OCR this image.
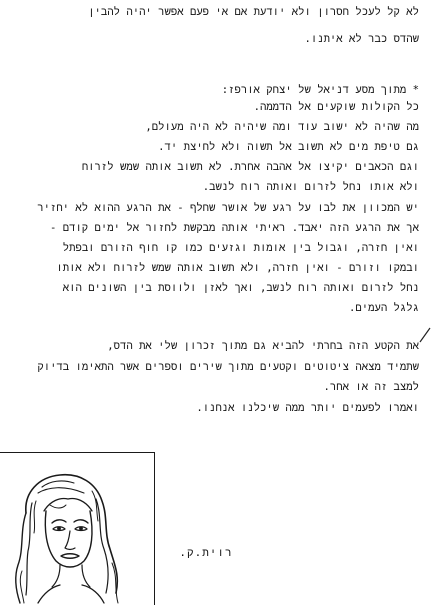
לא קל לעכל חסרון ולא יודעת אם אי פעם אפשר יהיה להבין
שהדס כבר לא איתנו.
* מתוך מסע דניאל של יצחק אורפז:
כל הקולות שוקעים אל הדממה.
מה שהיה לא ישוב עוד ומה שיהיה לא היה מעולם,
גם טיפת מים לא תשוב אל תשוה ולא לחיצת יד.
וגם הכאבים יקיצו אל אהבה אחרת. לא תשוב אותה שמש לזרוח
ולא אותו נחל לזרום ואותה רוח לנשב.
יש המכוון את לבו על רגע של אושר שחלף - את הרגע ההוא לא יחזיר
אך את הרגע הזה יאבד. ראיתי אותה מבקשת לחזור אל ימים קודם -
ואין חזרה, וגבול בין אומות וגזעים כמו קו חוף הזורם ובפתל
ובמקו וזורם - ואין חזרה, ולא תשוב אותה שמש לזרוח ולא אותו
נחל לזרום ואותה רוח לנשב, ואך לאזן ולווסת בין השונים הוא
גלגל העמים.
את הקטע הזה בחרתי להביא גם מתוך זכרון שלי את הדס,
שתמיד מצאה ציטוטים וקטעים מתוך שירים וספרים אשר התאימו בדיוק
למצב זה או אחר.
ואמרו לפעמים יותר ממה שיכלנו אנחנו.
רוית.ק.
